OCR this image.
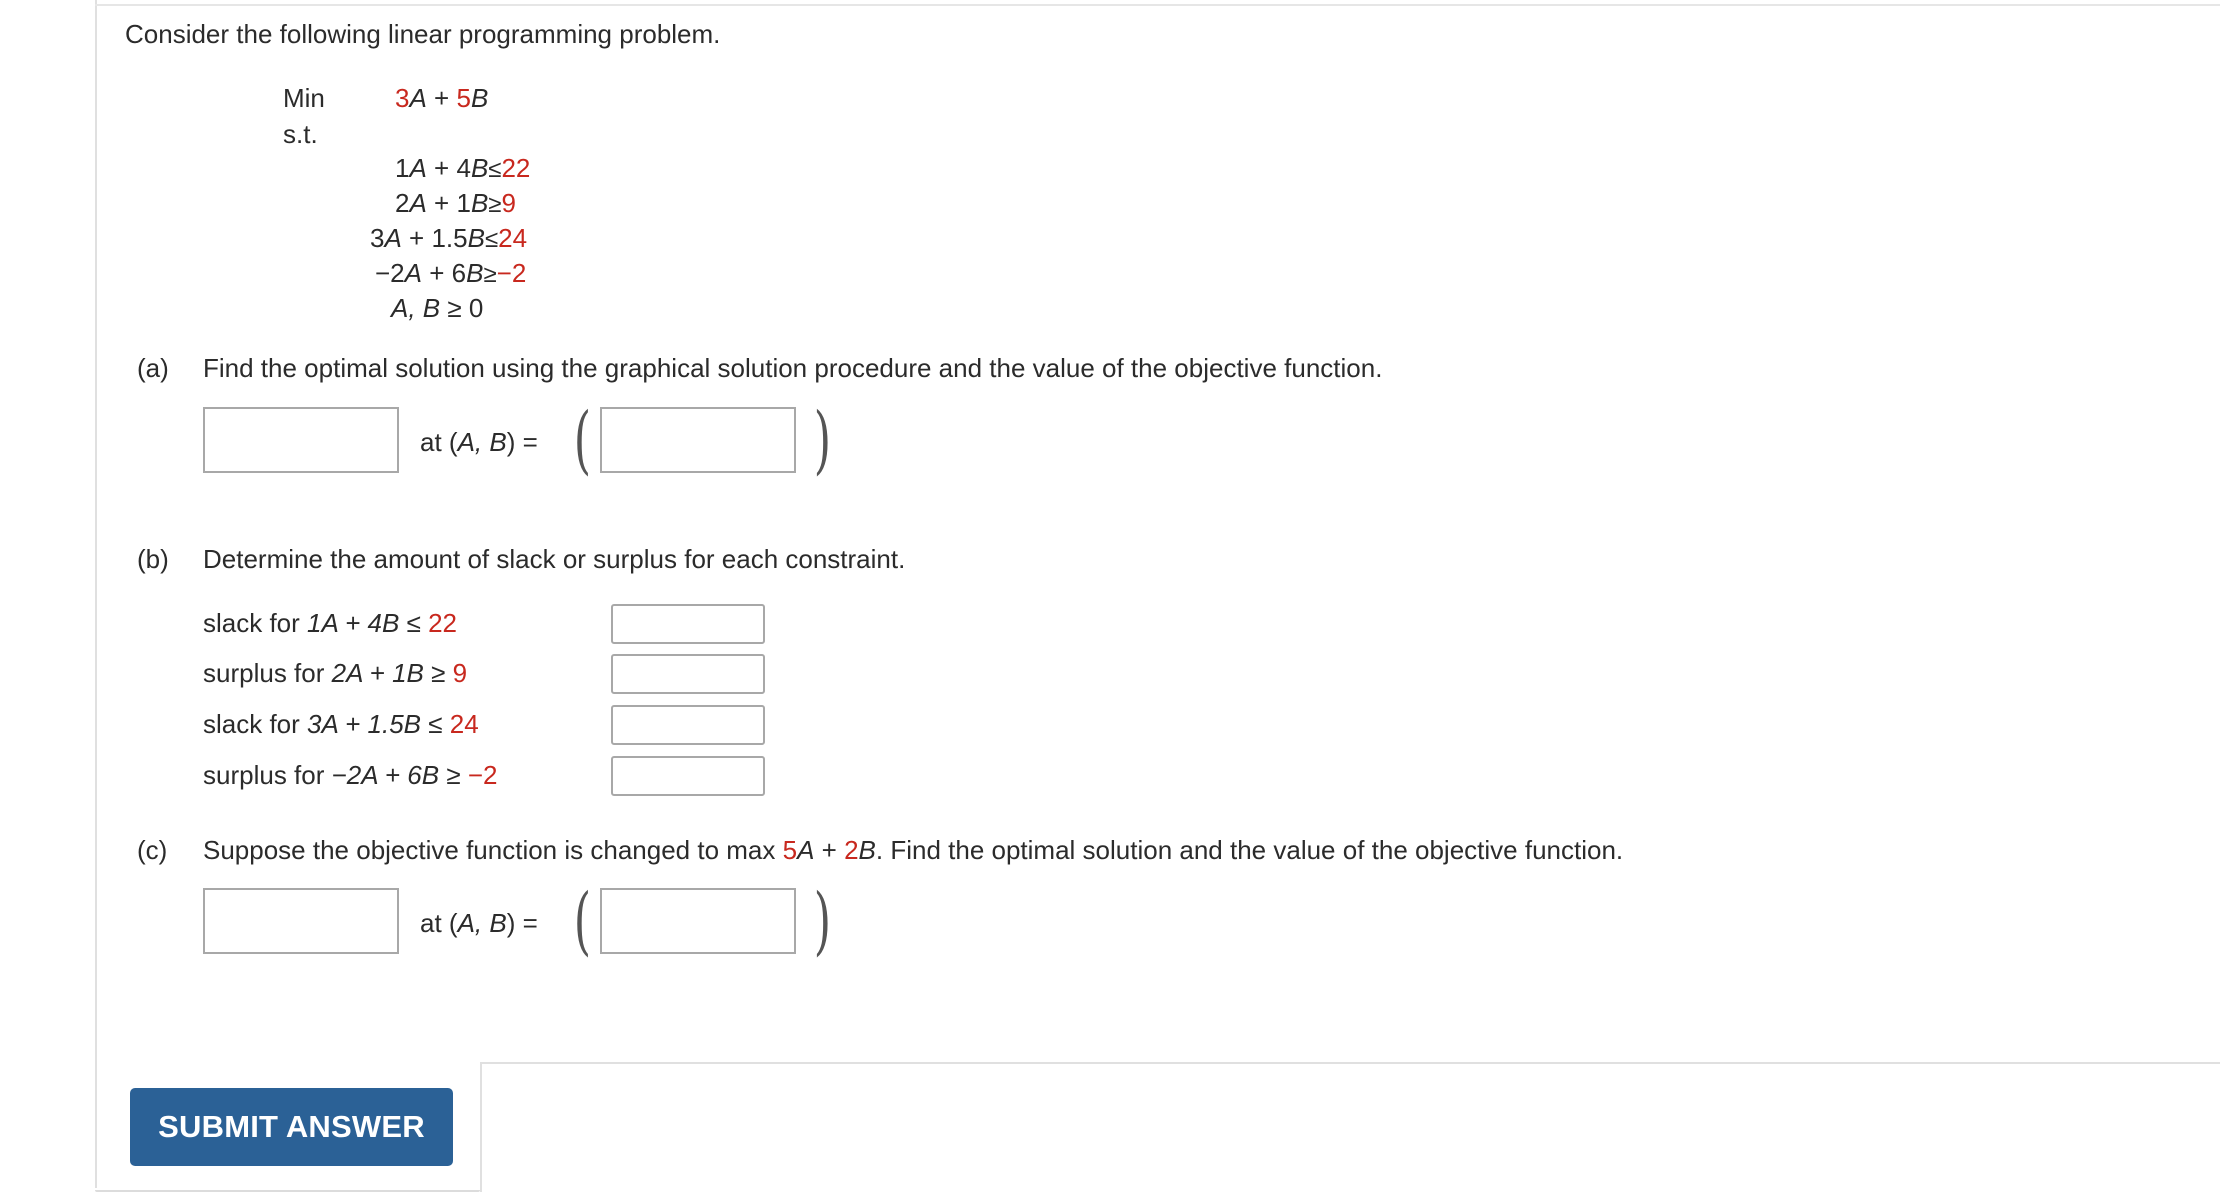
Consider the following linear programming problem.
Min
s.t.
3A + 5B
1A + 4B≤22
2A + 1B≥9
3A + 1.5B≤24
−2A + 6B≥−2
A, B ≥ 0
(a) Find the optimal solution using the graphical solution procedure and the value of the objective function.
at (A, B) = (	)
(b) Determine the amount of slack or surplus for each constraint.
slack for 1A + 4B ≤ 22
surplus for 2A + 1B ≥ 9
slack for 3A + 1.5B ≤ 24
surplus for −2A + 6B ≥ −2
(c) Suppose the objective function is changed to max 5A + 2B. Find the optimal solution and the value of the objective function.
at (A, B) = (	)
SUBMIT ANSWER
